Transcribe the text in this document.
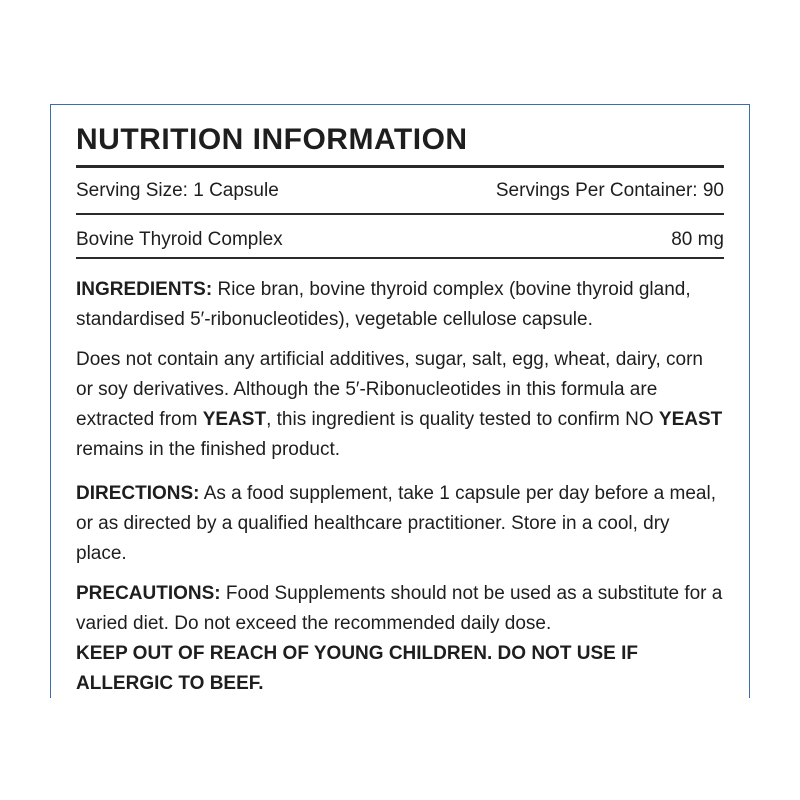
NUTRITION INFORMATION
Serving Size: 1 Capsule	Servings Per Container: 90
Bovine Thyroid Complex	80 mg

INGREDIENTS: Rice bran, bovine thyroid complex (bovine thyroid gland, standardised 5′-ribonucleotides), vegetable cellulose capsule.

Does not contain any artificial additives, sugar, salt, egg, wheat, dairy, corn or soy derivatives. Although the 5′-Ribonucleotides in this formula are extracted from YEAST, this ingredient is quality tested to confirm NO YEAST remains in the finished product.

DIRECTIONS: As a food supplement, take 1 capsule per day before a meal, or as directed by a qualified healthcare practitioner. Store in a cool, dry place.

PRECAUTIONS: Food Supplements should not be used as a substitute for a varied diet. Do not exceed the recommended daily dose.
KEEP OUT OF REACH OF YOUNG CHILDREN. DO NOT USE IF ALLERGIC TO BEEF.
